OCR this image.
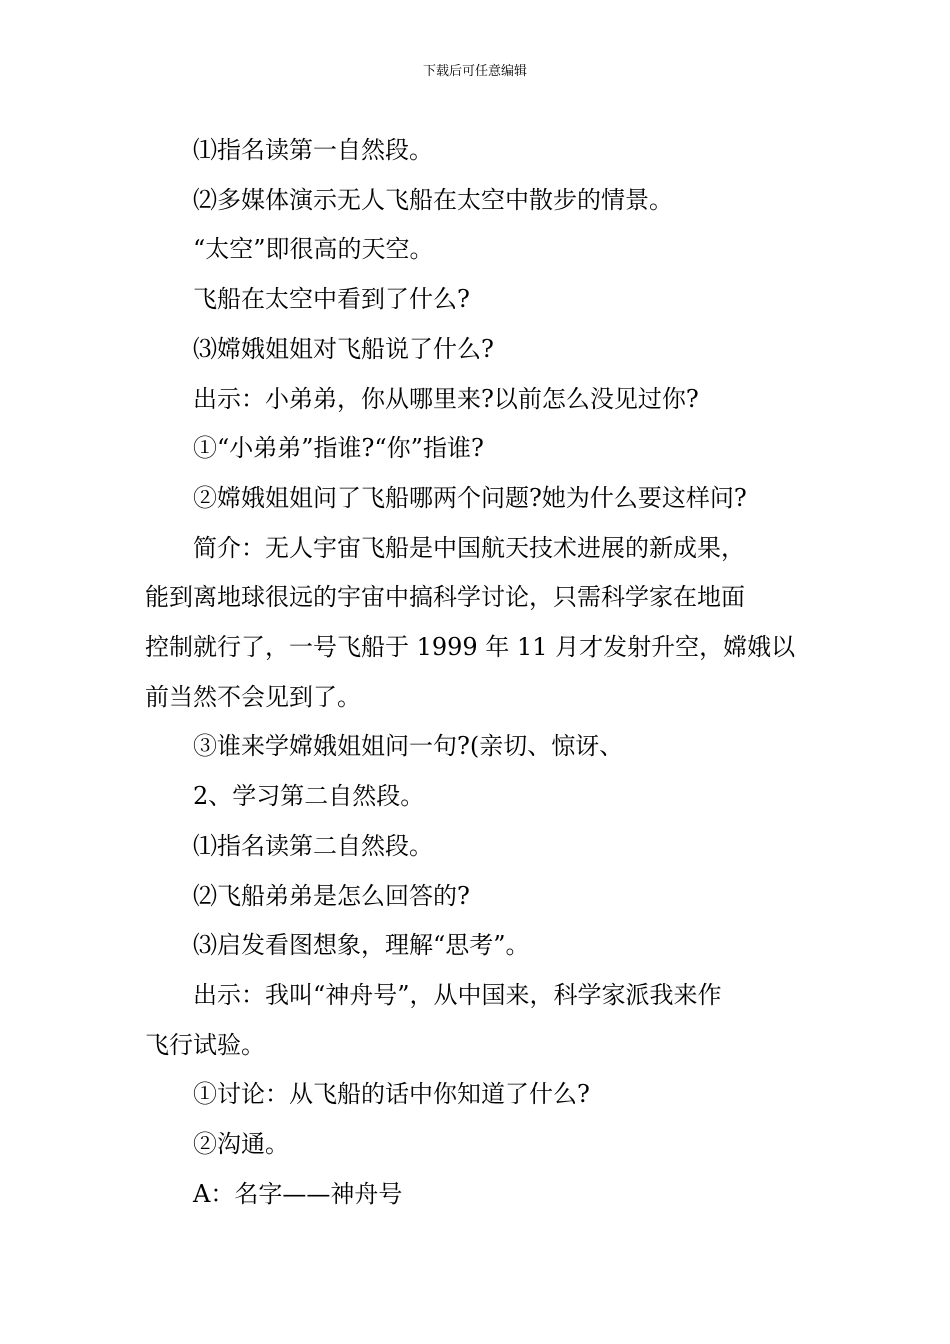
下载后可任意编辑

⑴指名读第一自然段。

⑵多媒体演示无人飞船在太空中散步的情景。

“太空”即很高的天空。

飞船在太空中看到了什么?

⑶嫦娥姐姐对飞船说了什么?

出示：小弟弟，你从哪里来?以前怎么没见过你?

①“小弟弟”指谁?“你”指谁?

②嫦娥姐姐问了飞船哪两个问题?她为什么要这样问?

简介：无人宇宙飞船是中国航天技术进展的新成果，

能到离地球很远的宇宙中搞科学讨论，只需科学家在地面

控制就行了，一号飞船于 1999 年 11 月才发射升空，嫦娥以

前当然不会见到了。

③谁来学嫦娥姐姐问一句?(亲切、惊讶、

2、学习第二自然段。

⑴指名读第二自然段。

⑵飞船弟弟是怎么回答的?

⑶启发看图想象，理解“思考”。

出示：我叫“神舟号”，从中国来，科学家派我来作

飞行试验。

①讨论：从飞船的话中你知道了什么?

②沟通。

A：名字——神舟号
